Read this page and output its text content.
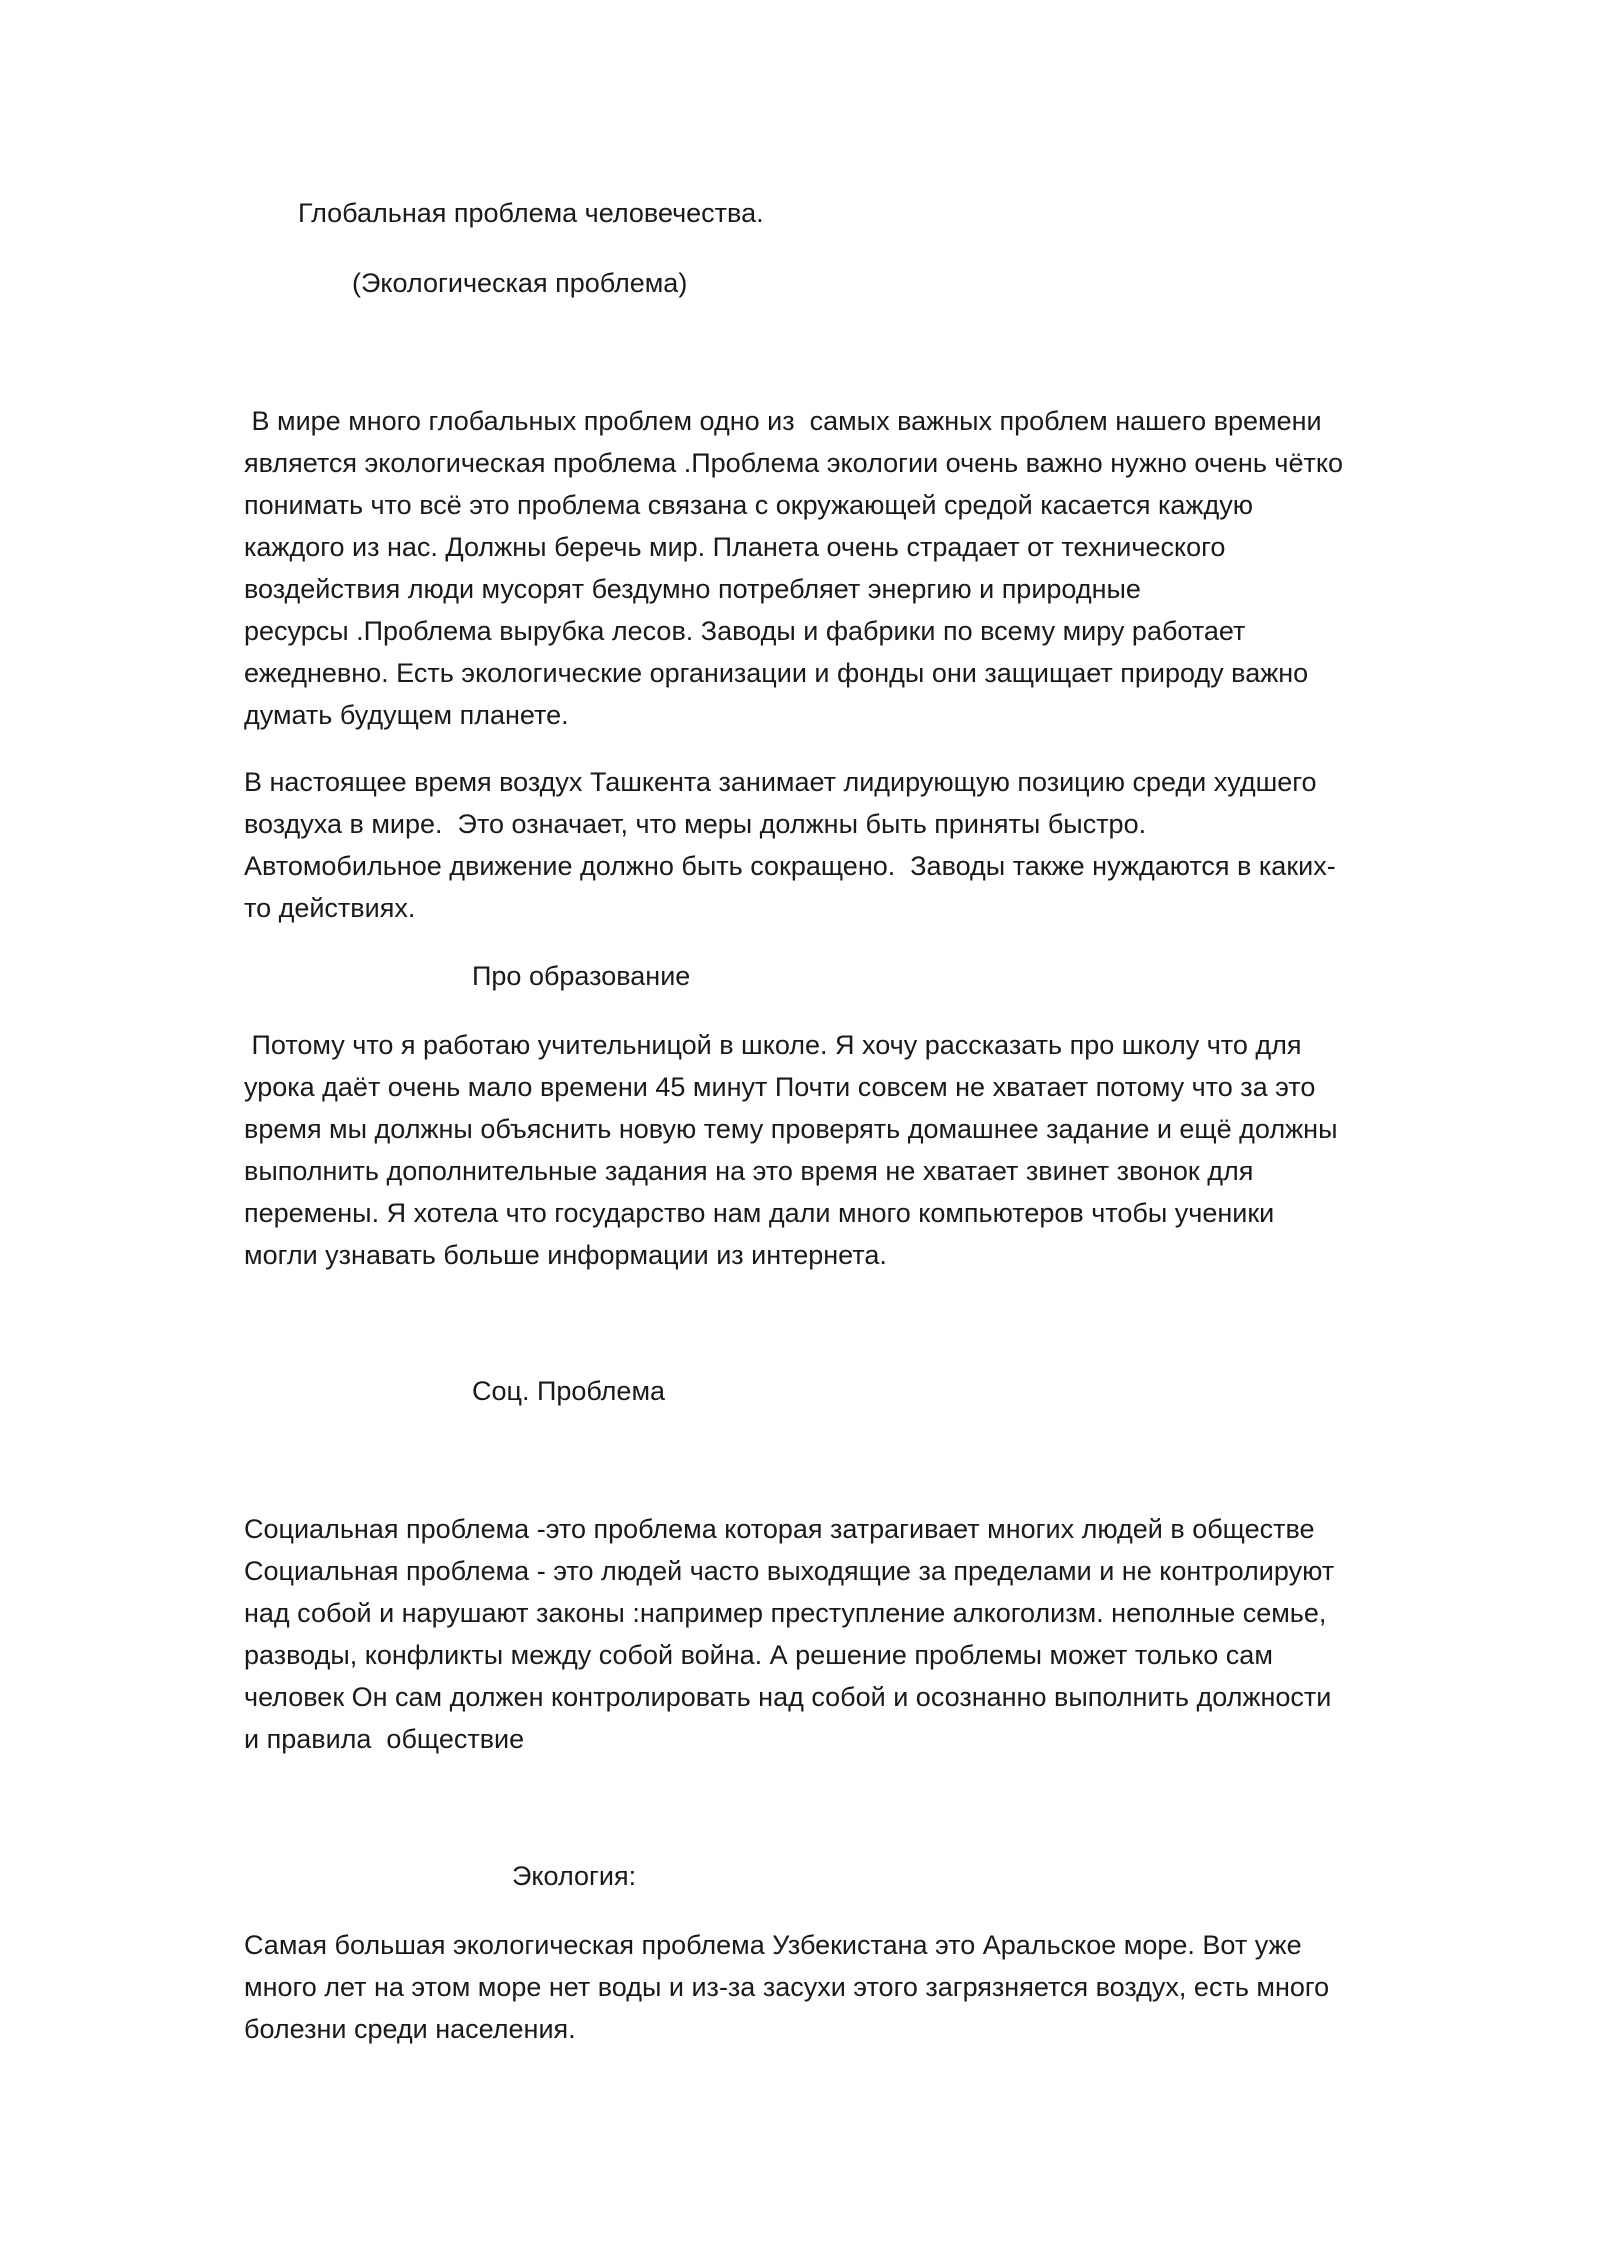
Глобальная проблема человечества.
(Экологическая проблема)
В мире много глобальных проблем одно из  самых важных проблем нашего времени
является экологическая проблема .Проблема экологии очень важно нужно очень чётко
понимать что всё это проблема связана с окружающей средой касается каждую
каждого из нас. Должны беречь мир. Планета очень страдает от технического
воздействия люди мусорят бездумно потребляет энергию и природные
ресурсы .Проблема вырубка лесов. Заводы и фабрики по всему миру работает
ежедневно. Есть экологические организации и фонды они защищает природу важно
думать будущем планете.
В настоящее время воздух Ташкента занимает лидирующую позицию среди худшего
воздуха в мире.  Это означает, что меры должны быть приняты быстро.
Автомобильное движение должно быть сокращено.  Заводы также нуждаются в каких-
то действиях.
Про образование
Потому что я работаю учительницой в школе. Я хочу рассказать про школу что для
урока даёт очень мало времени 45 минут Почти совсем не хватает потому что за это
время мы должны объяснить новую тему проверять домашнее задание и ещё должны
выполнить дополнительные задания на это время не хватает звинет звонок для
перемены. Я хотела что государство нам дали много компьютеров чтобы ученики
могли узнавать больше информации из интернета.
Соц. Проблема
Социальная проблема -это проблема которая затрагивает многих людей в обществе
Социальная проблема - это людей часто выходящие за пределами и не контролируют
над собой и нарушают законы :например преступление алкоголизм. неполные семье,
разводы, конфликты между собой война. А решение проблемы может только сам
человек Он сам должен контролировать над собой и осознанно выполнить должности
и правила  обществие
Экология:
Самая большая экологическая проблема Узбекистана это Аральское море. Вот уже
много лет на этом море нет воды и из-за засухи этого загрязняется воздух, есть много
болезни среди населения.
